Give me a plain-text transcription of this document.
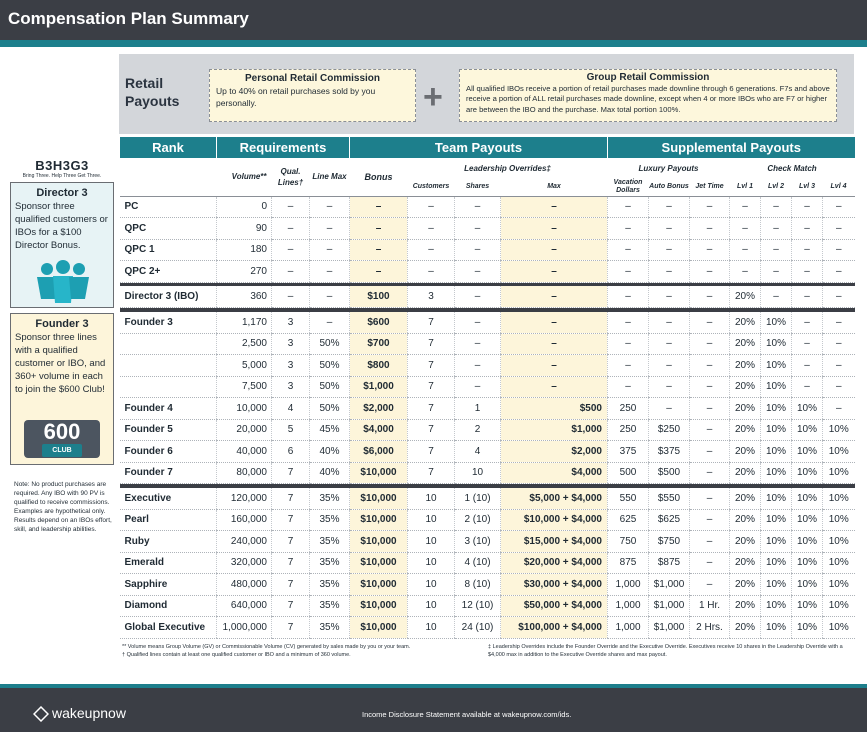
Compensation Plan Summary
Retail
Payouts
Personal Retail Commission
Up to 40% on retail purchases sold by you personally.	+
Group Retail Commission
All qualified IBOs receive a portion of retail purchases made downline through 6 generations. F7s and above receive a portion of ALL retail purchases made downline, except when 4 or more IBOs who are F7 or higher are between the IBO and the purchase. Max total portion 100%.
Rank	Requirements			Team Payouts				Supplemental Payouts						
	Volume**	Qual. Lines†	Line Max	Bonus	Leadership Overrides‡			Luxury Payouts			Check Match			
					Customers	Shares	Max	Vacation Dollars	Auto Bonus	Jet Time	Lvl 1	Lvl 2	Lvl 3	Lvl 4
PC	0	–	–	–	–	–	–	–	–	–	–	–	–	–
QPC	90	–	–	–	–	–	–	–	–	–	–	–	–	–
QPC 1	180	–	–	–	–	–	–	–	–	–	–	–	–	–
QPC 2+	270	–	–	–	–	–	–	–	–	–	–	–	–	–

Director 3 (IBO)	360	–	–	$100	3	–	–	–	–	–	20%	–	–	–

Founder 3	1,170	3	–	$600	7	–	–	–	–	–	20%	10%	–	–
	2,500	3	50%	$700	7	–	–	–	–	–	20%	10%	–	–
	5,000	3	50%	$800	7	–	–	–	–	–	20%	10%	–	–
	7,500	3	50%	$1,000	7	–	–	–	–	–	20%	10%	–	–
Founder 4	10,000	4	50%	$2,000	7	1	$500	250	–	–	20%	10%	10%	–
Founder 5	20,000	5	45%	$4,000	7	2	$1,000	250	$250	–	20%	10%	10%	10%
Founder 6	40,000	6	40%	$6,000	7	4	$2,000	375	$375	–	20%	10%	10%	10%
Founder 7	80,000	7	40%	$10,000	7	10	$4,000	500	$500	–	20%	10%	10%	10%

Executive	120,000	7	35%	$10,000	10	1 (10)	$5,000 + $4,000	550	$550	–	20%	10%	10%	10%
Pearl	160,000	7	35%	$10,000	10	2 (10)	$10,000 + $4,000	625	$625	–	20%	10%	10%	10%
Ruby	240,000	7	35%	$10,000	10	3 (10)	$15,000 + $4,000	750	$750	–	20%	10%	10%	10%
Emerald	320,000	7	35%	$10,000	10	4 (10)	$20,000 + $4,000	875	$875	–	20%	10%	10%	10%
Sapphire	480,000	7	35%	$10,000	10	8 (10)	$30,000 + $4,000	1,000	$1,000	–	20%	10%	10%	10%
Diamond	640,000	7	35%	$10,000	10	12 (10)	$50,000 + $4,000	1,000	$1,000	1 Hr.	20%	10%	10%	10%
Global Executive	1,000,000	7	35%	$10,000	10	24 (10)	$100,000 + $4,000	1,000	$1,000	2 Hrs.	20%	10%	10%	10%
B3H3G3
Bring Three. Help Three Get Three.
Director 3
Sponsor three qualified customers or IBOs for a $100 Director Bonus.
Founder 3
Sponsor three lines with a qualified customer or IBO, and 360+ volume in each to join the $600 Club!
600
CLUB
Note: No product purchases are required. Any IBO with 90 PV is qualified to receive commissions. Examples are hypothetical only. Results depend on an IBOs effort, skill, and leadership abilities.
** Volume means Group Volume (GV) or Commissionable Volume (CV) generated by sales made by you or your team.
† Qualified lines contain at least one qualified customer or IBO and a minimum of 360 volume.
‡ Leadership Overrides include the Founder Override and the Executive Override. Executives receive 10 shares in the Leadership Override with a $4,000 max in addition to the Executive Override shares and max payout.
wakeupnow	Income Disclosure Statement available at wakeupnow.com/ids.
